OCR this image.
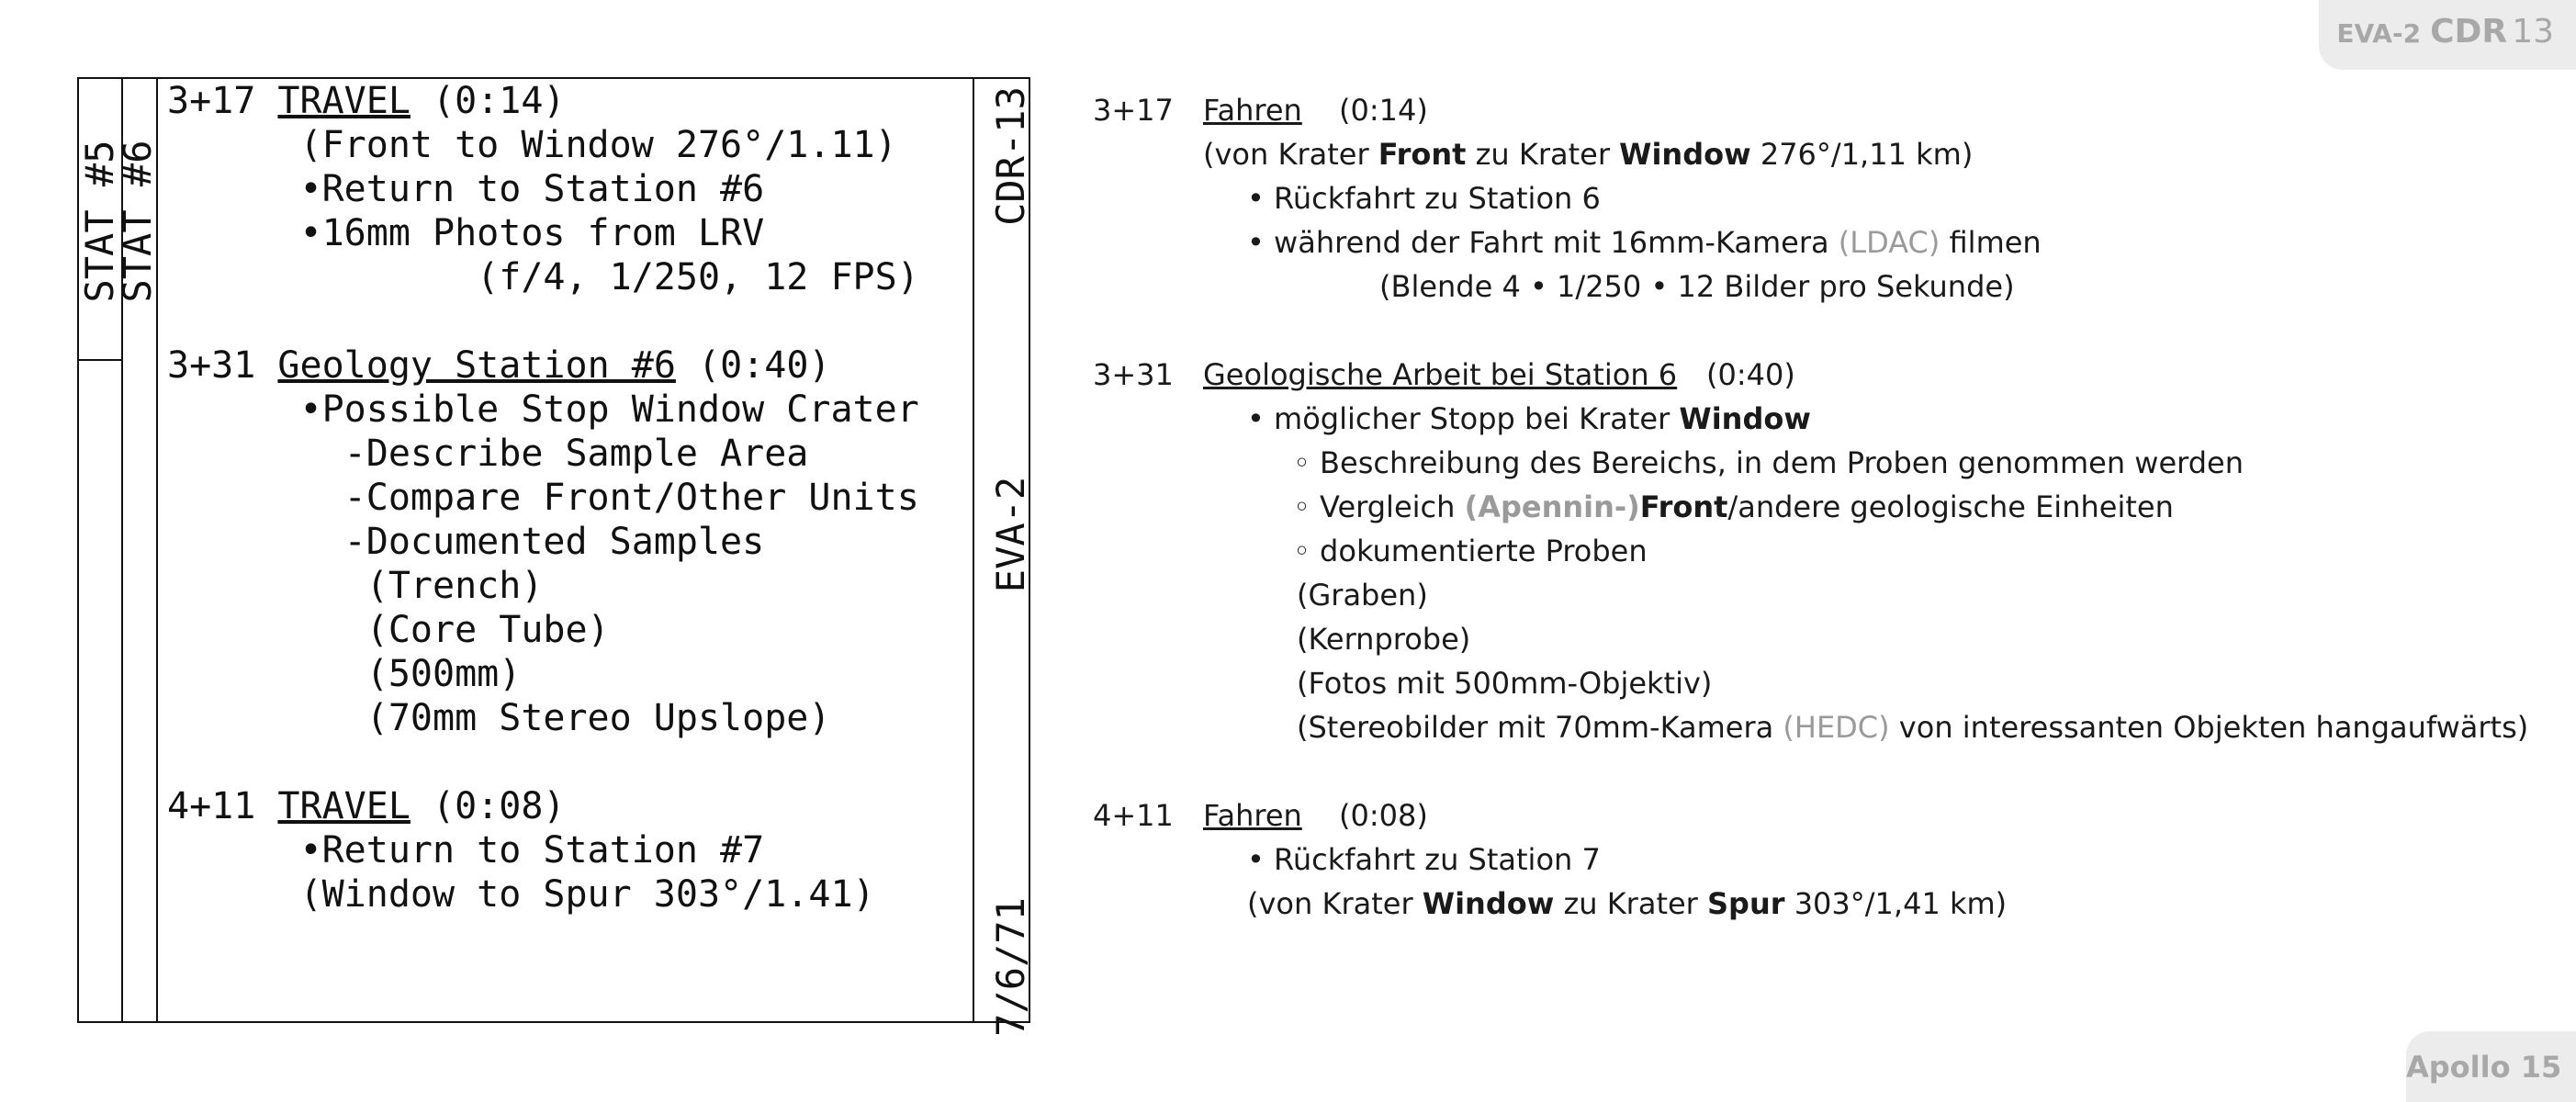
EVA-2 CDR 13
Apollo 15
STAT #5
STAT #6	CDR-13
EVA-2
7/6/71
3+17 TRAVEL (0:14)
(Front to Window 276°/1.11)
•Return to Station #6
•16mm Photos from LRV
(f/4, 1/250, 12 FPS)
3+31 Geology Station #6 (0:40)
•Possible Stop Window Crater
-Describe Sample Area
-Compare Front/Other Units
-Documented Samples
(Trench)
(Core Tube)
(500mm)
(70mm Stereo Upslope)
4+11 TRAVEL (0:08)
•Return to Station #7
(Window to Spur 303°/1.41)
3+17 Fahren (0:14)
(von Krater Front zu Krater Window 276°/1,11 km)
• Rückfahrt zu Station 6
• während der Fahrt mit 16mm-Kamera (LDAC) filmen
(Blende 4 • 1/250 • 12 Bilder pro Sekunde)
3+31 Geologische Arbeit bei Station 6 (0:40)
• möglicher Stopp bei Krater Window
◦ Beschreibung des Bereichs, in dem Proben genommen werden
◦ Vergleich (Apennin-)Front/andere geologische Einheiten
◦ dokumentierte Proben
(Graben)
(Kernprobe)
(Fotos mit 500mm-Objektiv)
(Stereobilder mit 70mm-Kamera (HEDC) von interessanten Objekten hangaufwärts)
4+11 Fahren (0:08)
• Rückfahrt zu Station 7
(von Krater Window zu Krater Spur 303°/1,41 km)
